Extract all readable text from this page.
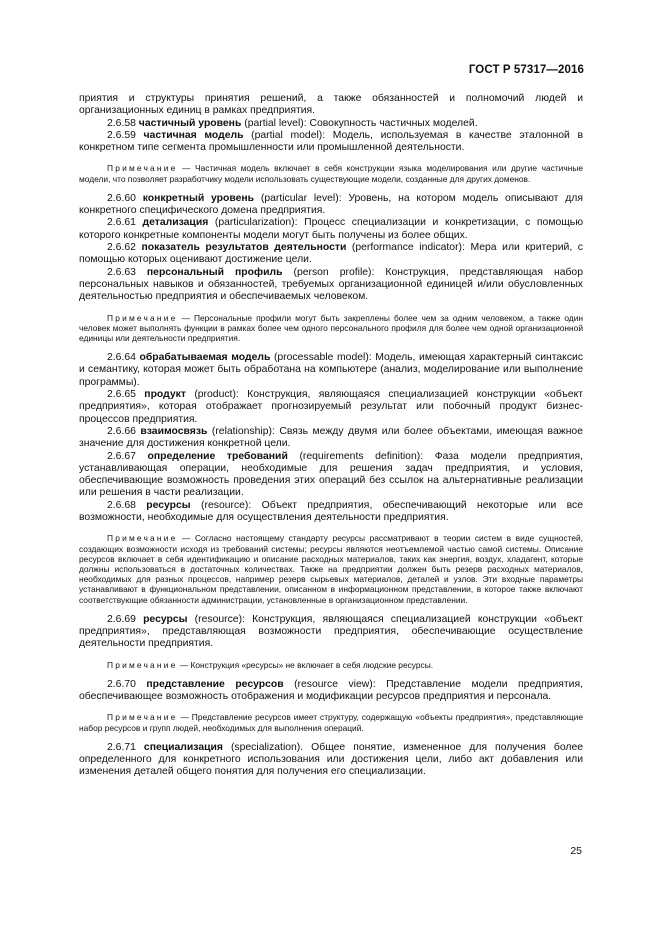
ГОСТ Р 57317—2016

приятия и структуры принятия решений, а также обязанностей и полномочий людей и организационных единиц в рамках предприятия.

2.6.58 частичный уровень (partial level): Совокупность частичных моделей.

2.6.59 частичная модель (partial model): Модель, используемая в качестве эталонной в конкретном типе сегмента промышленности или промышленной деятельности.

Примечание — Частичная модель включает в себя конструкции языка моделирования или другие частичные модели, что позволяет разработчику модели использовать существующие модели, созданные для других доменов.

2.6.60 конкретный уровень (particular level): Уровень, на котором модель описывают для конкретного специфического домена предприятия.

2.6.61 детализация (particularization): Процесс специализации и конкретизации, с помощью которого конкретные компоненты модели могут быть получены из более общих.

2.6.62 показатель результатов деятельности (performance indicator): Мера или критерий, с помощью которых оценивают достижение цели.

2.6.63 персональный профиль (person profile): Конструкция, представляющая набор персональных навыков и обязанностей, требуемых организационной единицей и/или обусловленных деятельностью предприятия и обеспечиваемых человеком.

Примечание — Персональные профили могут быть закреплены более чем за одним человеком, а также один человек может выполнять функции в рамках более чем одного персонального профиля для более чем одной организационной единицы или деятельности предприятия.

2.6.64 обрабатываемая модель (processable model): Модель, имеющая характерный синтаксис и семантику, которая может быть обработана на компьютере (анализ, моделирование или выполнение программы).

2.6.65 продукт (product): Конструкция, являющаяся специализацией конструкции «объект предприятия», которая отображает прогнозируемый результат или побочный продукт бизнес-процессов предприятия.

2.6.66 взаимосвязь (relationship): Связь между двумя или более объектами, имеющая важное значение для достижения конкретной цели.

2.6.67 определение требований (requirements definition): Фаза модели предприятия, устанавливающая операции, необходимые для решения задач предприятия, и условия, обеспечивающие возможность проведения этих операций без ссылок на альтернативные реализации или решения в части реализации.

2.6.68 ресурсы (resource): Объект предприятия, обеспечивающий некоторые или все возможности, необходимые для осуществления деятельности предприятия.

Примечание — Согласно настоящему стандарту ресурсы рассматривают в теории систем в виде сущностей, создающих возможности исходя из требований системы; ресурсы являются неотъемлемой частью самой системы. Описание ресурсов включает в себя идентификацию и описание расходных материалов, таких как энергия, воздух, хладагент, которые должны использоваться в достаточных количествах. Также на предприятии должен быть резерв расходных материалов, необходимых для разных процессов, например резерв сырьевых материалов, деталей и узлов. Эти входные параметры устанавливают в функциональном представлении, описанном в информационном представлении, в которое также включают соответствующие обязанности администрации, установленные в организационном представлении.

2.6.69 ресурсы (resource): Конструкция, являющаяся специализацией конструкции «объект предприятия», представляющая возможности предприятия, обеспечивающие осуществление деятельности предприятия.

Примечание — Конструкция «ресурсы» не включает в себя людские ресурсы.

2.6.70 представление ресурсов (resource view): Представление модели предприятия, обеспечивающее возможность отображения и модификации ресурсов предприятия и персонала.

Примечание — Представление ресурсов имеет структуру, содержащую «объекты предприятия», представляющие набор ресурсов и групп людей, необходимых для выполнения операций.

2.6.71 специализация (specialization). Общее понятие, измененное для получения более определенного для конкретного использования или достижения цели, либо акт добавления или изменения деталей общего понятия для получения его специализации.

25
